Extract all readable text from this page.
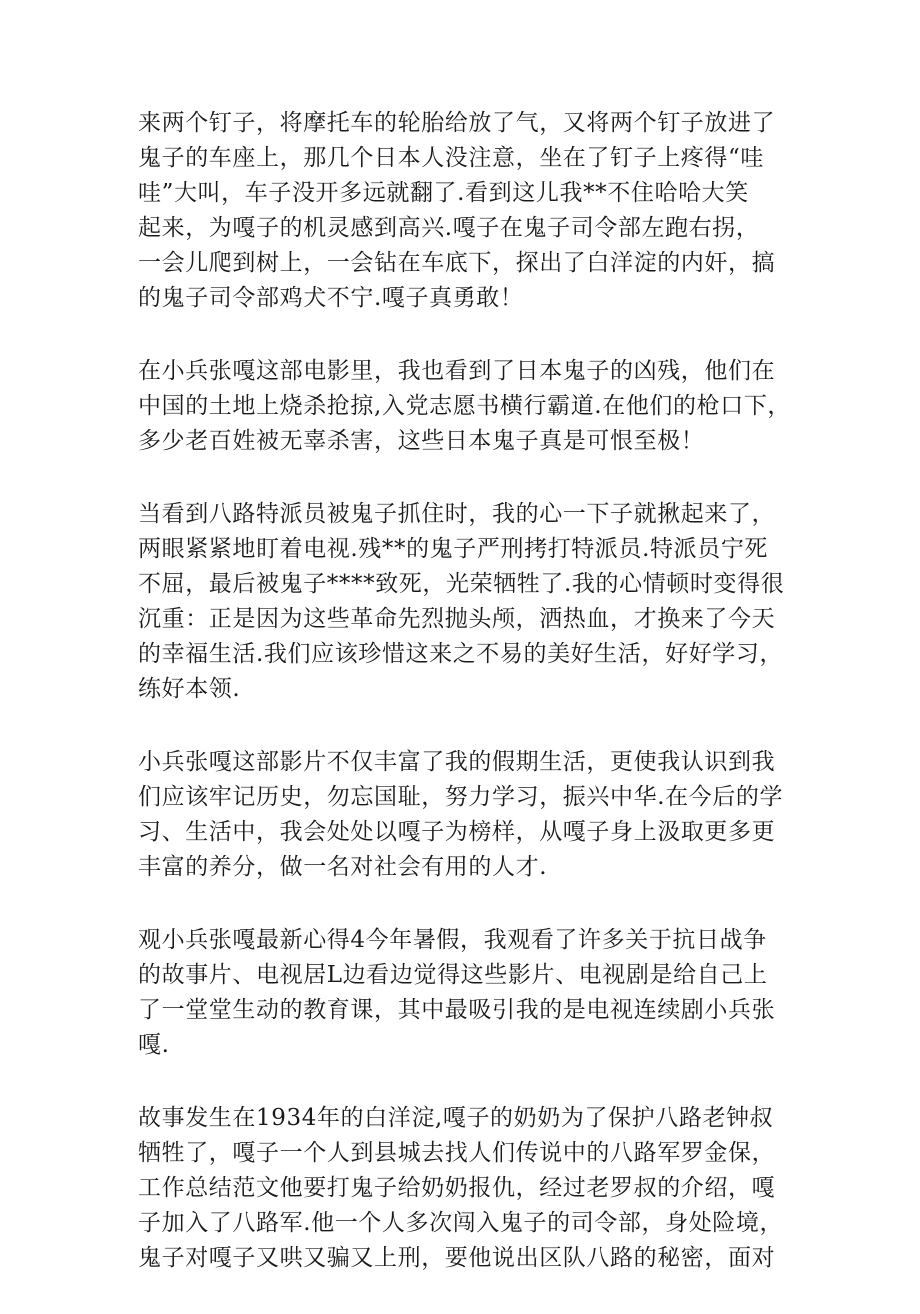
来两个钉子，将摩托车的轮胎给放了气，又将两个钉子放进了
鬼子的车座上，那几个日本人没注意，坐在了钉子上疼得“哇
哇”大叫，车子没开多远就翻了.看到这儿我**不住哈哈大笑
起来，为嘎子的机灵感到高兴.嘎子在鬼子司令部左跑右拐，
一会儿爬到树上，一会钻在车底下，探出了白洋淀的内奸，搞
的鬼子司令部鸡犬不宁.嘎子真勇敢！
在小兵张嘎这部电影里，我也看到了日本鬼子的凶残，他们在
中国的土地上烧杀抢掠,入党志愿书横行霸道.在他们的枪口下，
多少老百姓被无辜杀害，这些日本鬼子真是可恨至极！
当看到八路特派员被鬼子抓住时，我的心一下子就揪起来了，
两眼紧紧地盯着电视.残**的鬼子严刑拷打特派员.特派员宁死
不屈，最后被鬼子****致死，光荣牺牲了.我的心情顿时变得很
沉重：正是因为这些革命先烈抛头颅，洒热血，才换来了今天
的幸福生活.我们应该珍惜这来之不易的美好生活，好好学习，
练好本领.
小兵张嘎这部影片不仅丰富了我的假期生活，更使我认识到我
们应该牢记历史，勿忘国耻，努力学习，振兴中华.在今后的学
习、生活中，我会处处以嘎子为榜样，从嘎子身上汲取更多更
丰富的养分，做一名对社会有用的人才.
观小兵张嘎最新心得4今年暑假，我观看了许多关于抗日战争
的故事片、电视居L边看边觉得这些影片、电视剧是给自己上
了一堂堂生动的教育课，其中最吸引我的是电视连续剧小兵张
嘎.
故事发生在1934年的白洋淀,嘎子的奶奶为了保护八路老钟叔
牺牲了，嘎子一个人到县城去找人们传说中的八路军罗金保，
工作总结范文他要打鬼子给奶奶报仇，经过老罗叔的介绍，嘎
子加入了八路军.他一个人多次闯入鬼子的司令部，身处险境，
鬼子对嘎子又哄又骗又上刑，要他说出区队八路的秘密，面对
